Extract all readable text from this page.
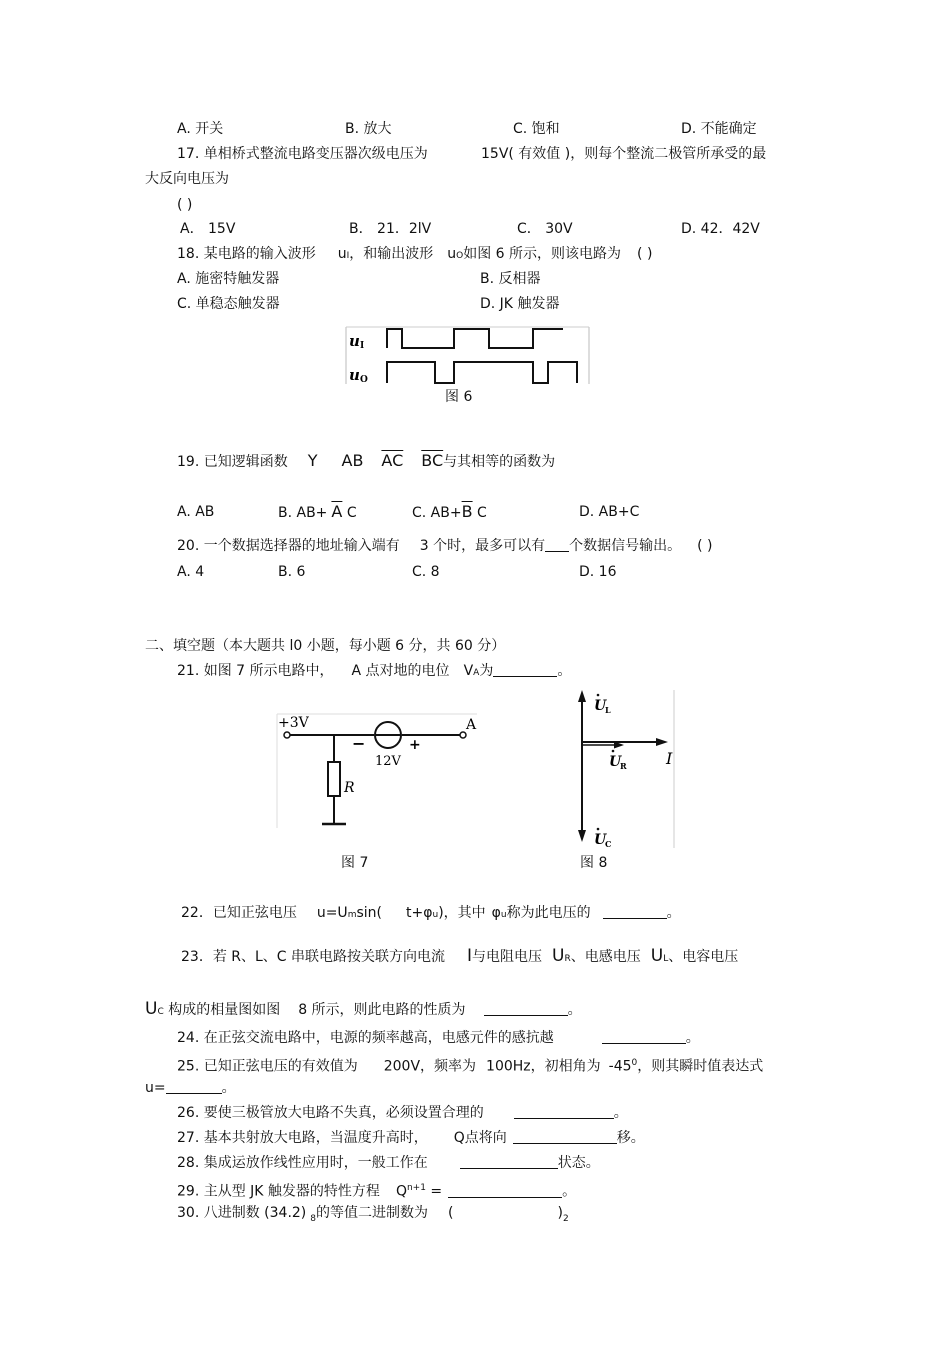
A. 开关	B. 放大	C. 饱和	D. 不能确定
17. 单相桥式整流电路变压器次级电压为	15V( 有效值 )，则每个整流二极管所承受的最
大反向电压为
( )
A． 15V	B． 21．2lV	C． 30V	D. 42．42V
18. 某电路的输入波形 uI，和输出波形 uO如图 6 所示，则该电路为 ( )
A. 施密特触发器	B. 反相器
C. 单稳态触发器	D. JK 触发器
u I
u O
图 6
19. 已知逻辑函数 Y AB $\overline{AC}$ $\overline{BC}$与其相等的函数为
A. AB	B. $AB+ \overline{A}$ C	C. $AB+\overline{B}$ C	D. AB+C
20. 一个数据选择器的地址输入端有 3 个时，最多可以有 个数据信号输出。 ( )
A. 4	B. 6	C. 8	D. 16
二、填空题（本大题共 l0 小题，每小题 6 分，共 60 分）
21. 如图 7 所示电路中， A 点对地的电位 VA为	。
+3V	A
−	+
12V
R
图 7
U
L
U
R I
U
C
图 8
22．已知正弦电压 u=Umsin( t+φu)，其中 φu称为此电压的	。
23．若 R、L、C 串联电路按关联方向电流 I与电阻电压 UR、电感电压 UL、电容电压
UC 构成的相量图如图 8 所示，则此电路的性质为	。
24. 在正弦交流电路中，电源的频率越高，电感元件的感抗越	。
25. 已知正弦电压的有效值为 200V，频率为 100Hz，初相角为 $-45^0$，则其瞬时值表达式
u=	。
26. 要使三极管放大电路不失真，必须设置合理的	。
27. 基本共射放大电路，当温度升高时， Q点将向	移。
28. 集成运放作线性应用时，一般工作在	状态。
29. 主从型 JK 触发器的特性方程 $Q^{n+1}$ =	。
30. 八进制数 (34.2) $_8$的等值二进制数为 (	)$_2$
